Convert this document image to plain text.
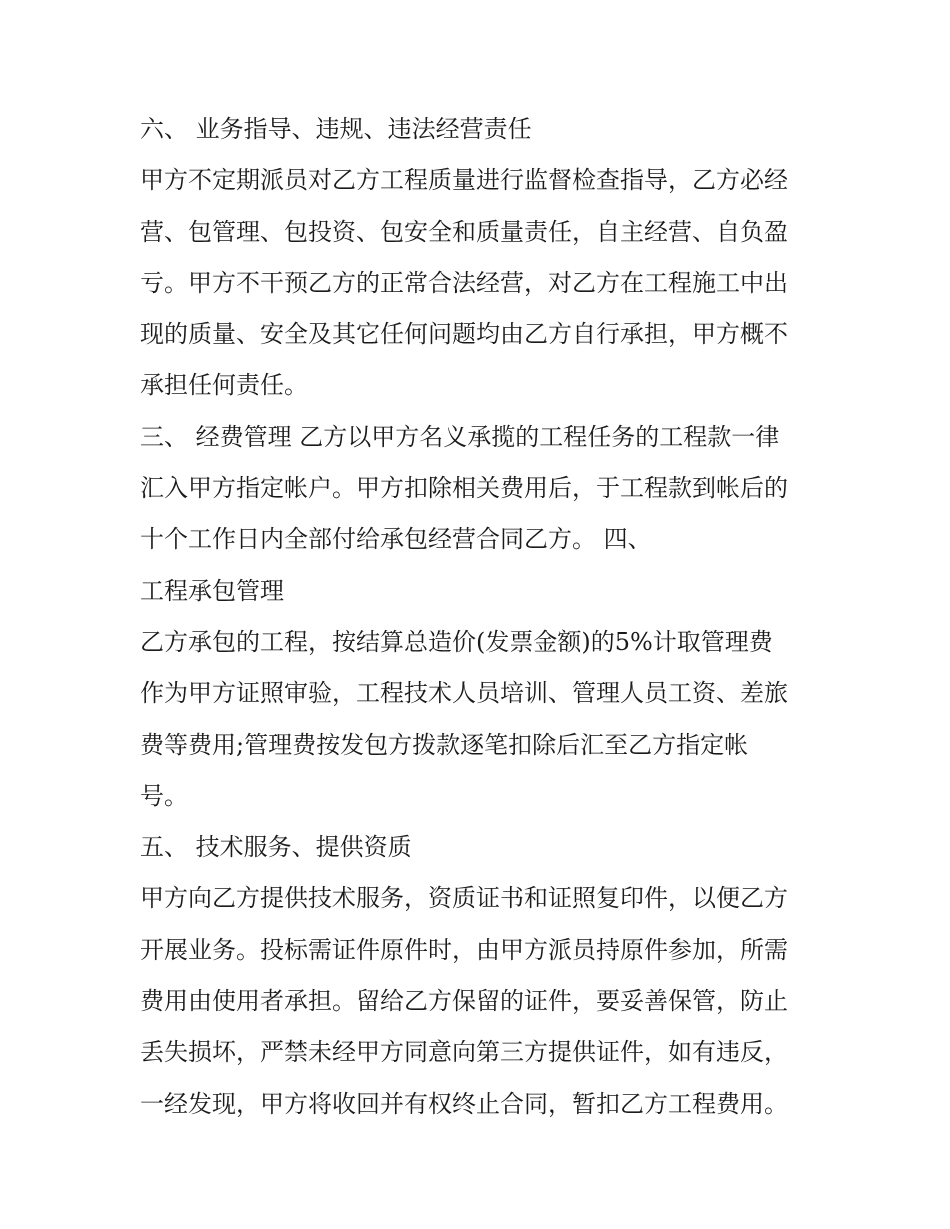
六、 业务指导、违规、违法经营责任
甲方不定期派员对乙方工程质量进行监督检查指导，乙方必经
营、包管理、包投资、包安全和质量责任，自主经营、自负盈
亏。甲方不干预乙方的正常合法经营，对乙方在工程施工中出
现的质量、安全及其它任何问题均由乙方自行承担，甲方概不
承担任何责任。
三、 经费管理 乙方以甲方名义承揽的工程任务的工程款一律
汇入甲方指定帐户。甲方扣除相关费用后，于工程款到帐后的
十个工作日内全部付给承包经营合同乙方。 四、
工程承包管理
乙方承包的工程，按结算总造价(发票金额)的5%计取管理费
作为甲方证照审验，工程技术人员培训、管理人员工资、差旅
费等费用;管理费按发包方拨款逐笔扣除后汇至乙方指定帐
号。
五、 技术服务、提供资质
甲方向乙方提供技术服务，资质证书和证照复印件，以便乙方
开展业务。投标需证件原件时，由甲方派员持原件参加，所需
费用由使用者承担。留给乙方保留的证件，要妥善保管，防止
丢失损坏，严禁未经甲方同意向第三方提供证件，如有违反，
一经发现，甲方将收回并有权终止合同，暂扣乙方工程费用。
